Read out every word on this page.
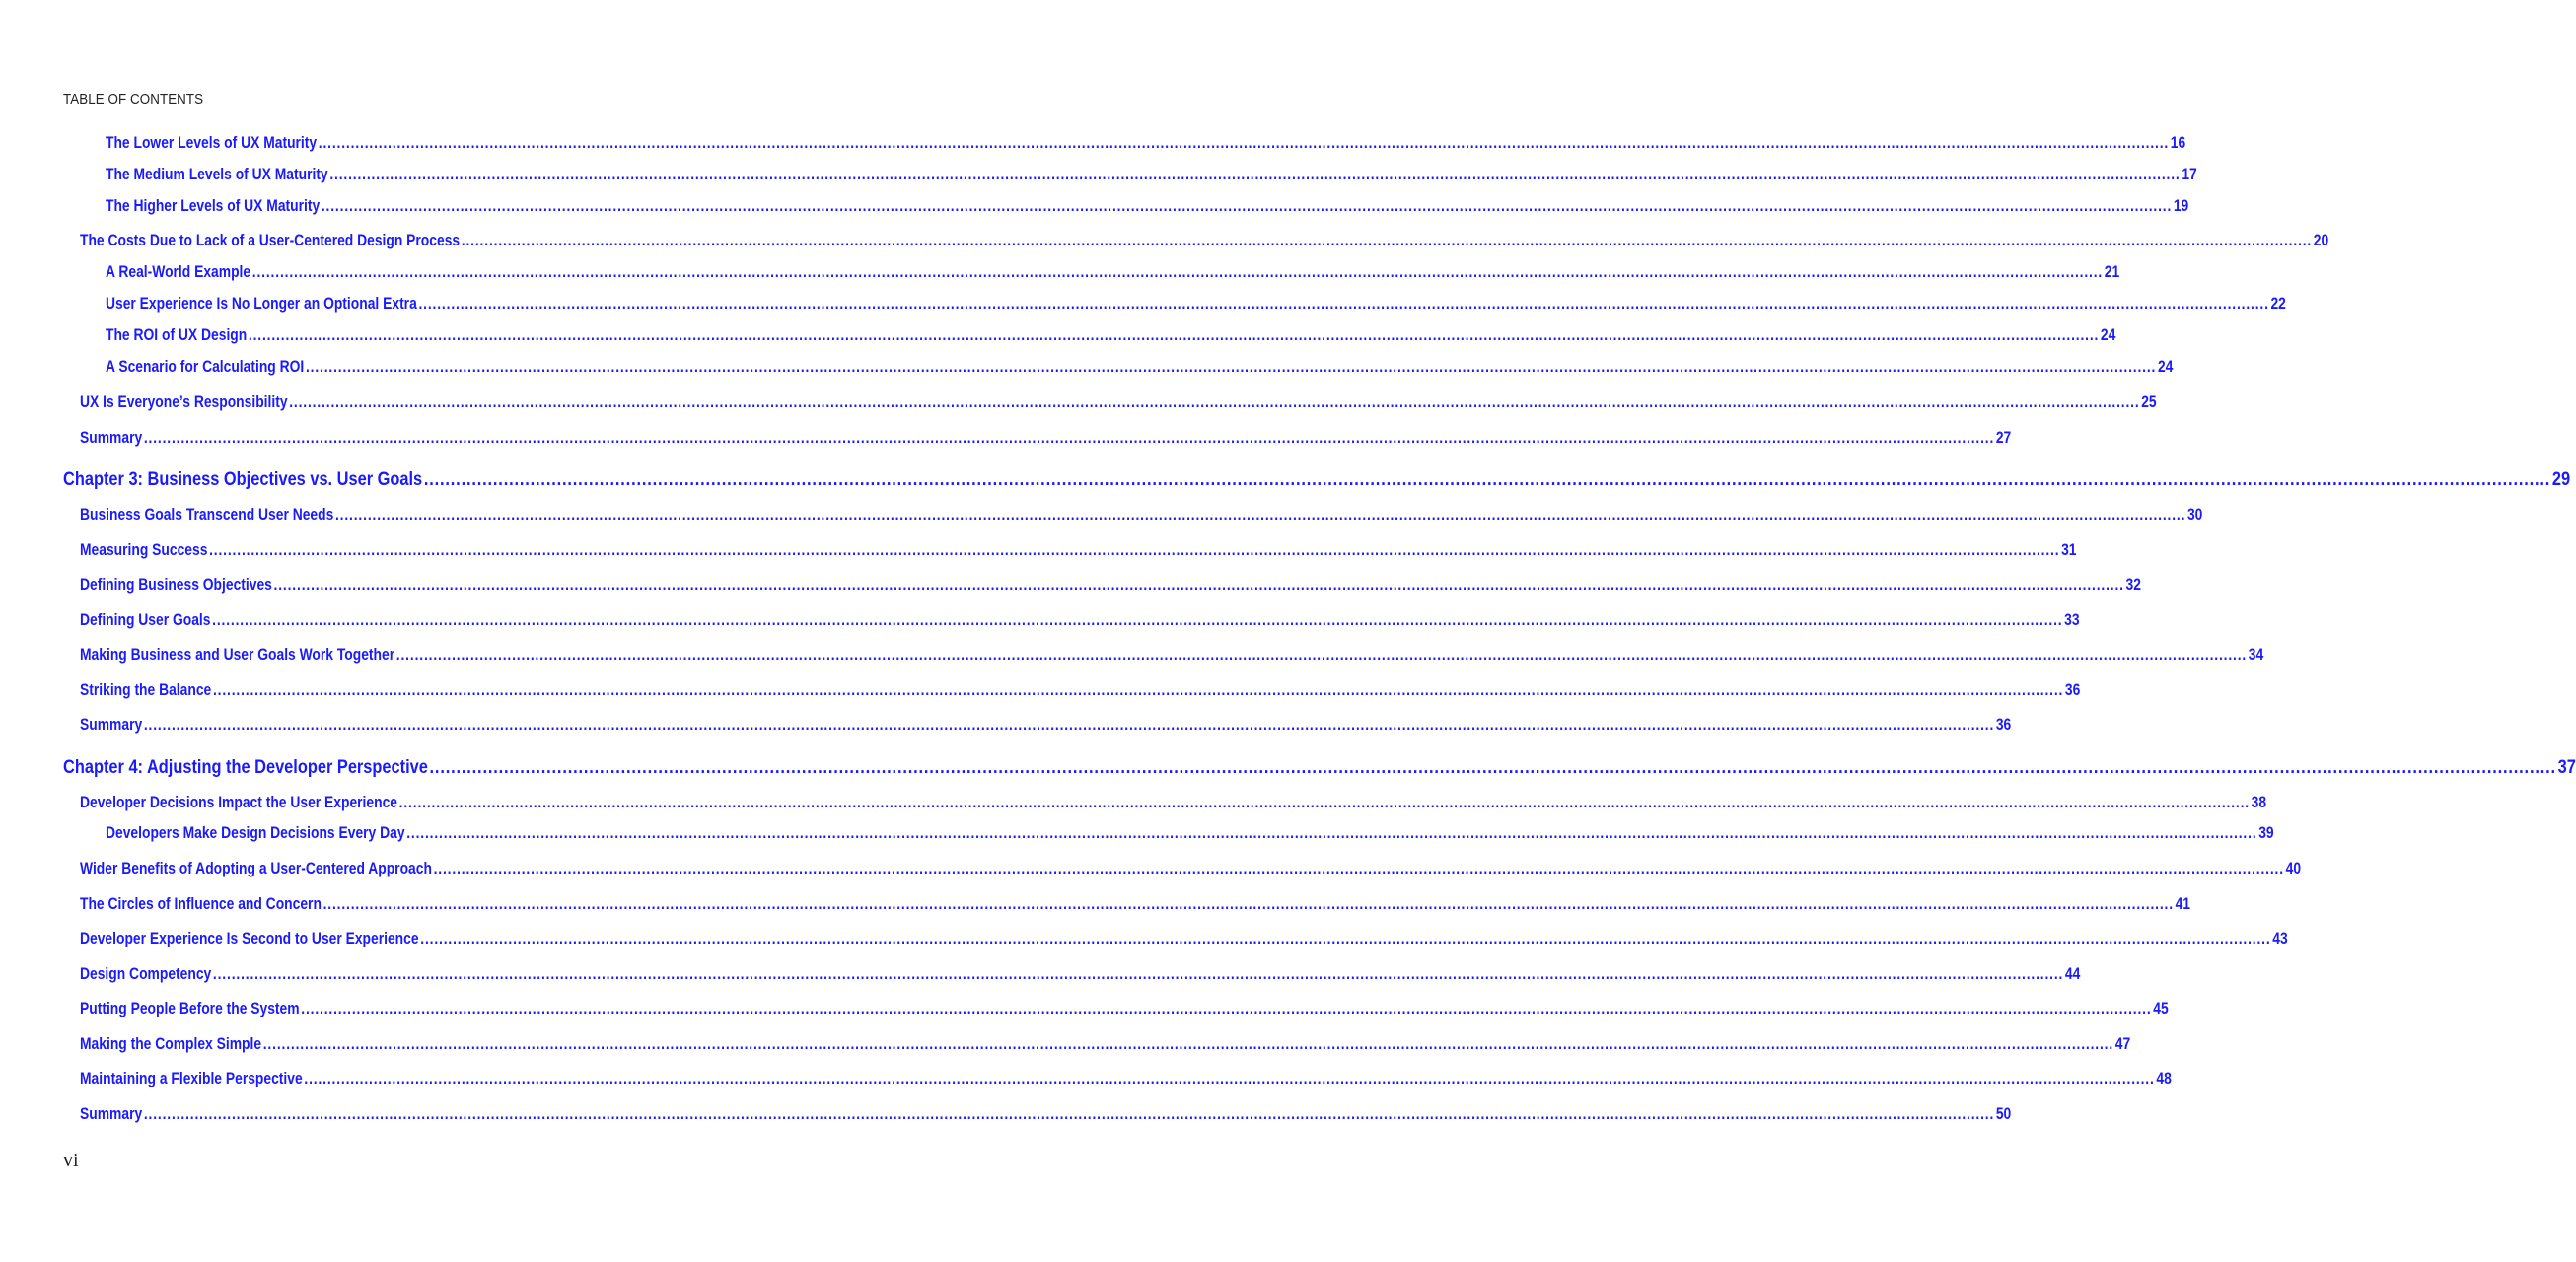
TABLE OF CONTENTS
The Lower Levels of UX Maturity ................................................................................................................................................................................................................................................................................................................................................................................................................ 16
The Medium Levels of UX Maturity ................................................................................................................................................................................................................................................................................................................................................................................................................ 17
The Higher Levels of UX Maturity ................................................................................................................................................................................................................................................................................................................................................................................................................ 19
The Costs Due to Lack of a User-Centered Design Process ................................................................................................................................................................................................................................................................................................................................................................................................................ 20
A Real-World Example ................................................................................................................................................................................................................................................................................................................................................................................................................ 21
User Experience Is No Longer an Optional Extra ................................................................................................................................................................................................................................................................................................................................................................................................................ 22
The ROI of UX Design ................................................................................................................................................................................................................................................................................................................................................................................................................ 24
A Scenario for Calculating ROI ................................................................................................................................................................................................................................................................................................................................................................................................................ 24
UX Is Everyone’s Responsibility ................................................................................................................................................................................................................................................................................................................................................................................................................ 25
Summary ................................................................................................................................................................................................................................................................................................................................................................................................................ 27
Chapter 3: Business Objectives vs. User Goals ................................................................................................................................................................................................................................................................................................................................................................................................................ 29
Business Goals Transcend User Needs ................................................................................................................................................................................................................................................................................................................................................................................................................ 30
Measuring Success ................................................................................................................................................................................................................................................................................................................................................................................................................ 31
Defining Business Objectives ................................................................................................................................................................................................................................................................................................................................................................................................................ 32
Defining User Goals ................................................................................................................................................................................................................................................................................................................................................................................................................ 33
Making Business and User Goals Work Together ................................................................................................................................................................................................................................................................................................................................................................................................................ 34
Striking the Balance ................................................................................................................................................................................................................................................................................................................................................................................................................ 36
Summary ................................................................................................................................................................................................................................................................................................................................................................................................................ 36
Chapter 4: Adjusting the Developer Perspective ................................................................................................................................................................................................................................................................................................................................................................................................................ 37
Developer Decisions Impact the User Experience ................................................................................................................................................................................................................................................................................................................................................................................................................ 38
Developers Make Design Decisions Every Day ................................................................................................................................................................................................................................................................................................................................................................................................................ 39
Wider Benefits of Adopting a User-Centered Approach ................................................................................................................................................................................................................................................................................................................................................................................................................ 40
The Circles of Influence and Concern ................................................................................................................................................................................................................................................................................................................................................................................................................ 41
Developer Experience Is Second to User Experience ................................................................................................................................................................................................................................................................................................................................................................................................................ 43
Design Competency ................................................................................................................................................................................................................................................................................................................................................................................................................ 44
Putting People Before the System ................................................................................................................................................................................................................................................................................................................................................................................................................ 45
Making the Complex Simple ................................................................................................................................................................................................................................................................................................................................................................................................................ 47
Maintaining a Flexible Perspective ................................................................................................................................................................................................................................................................................................................................................................................................................ 48
Summary ................................................................................................................................................................................................................................................................................................................................................................................................................ 50
vi
